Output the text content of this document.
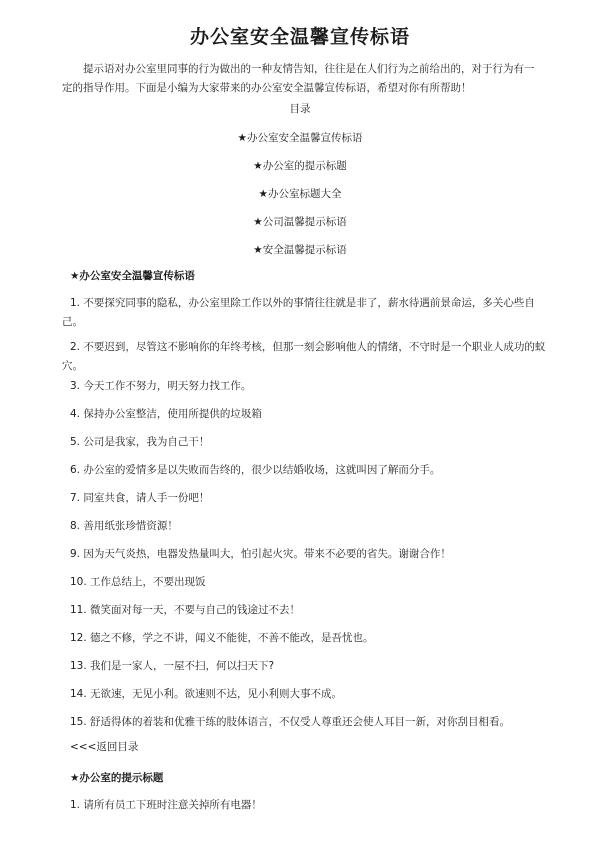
办公室安全温馨宣传标语
提示语对办公室里同事的行为做出的一种友情告知，往往是在人们行为之前给出的，对于行为有一定的指导作用。下面是小编为大家带来的办公室安全温馨宣传标语，希望对你有所帮助！
目录
★办公室安全温馨宣传标语
★办公室的提示标题
★办公室标题大全
★公司温馨提示标语
★安全温馨提示标语
★办公室安全温馨宣传标语
1. 不要探究同事的隐私，办公室里除工作以外的事情往往就是非了，薪水待遇前景命运，多关心些自己。
2. 不要迟到，尽管这不影响你的年终考核，但那一刻会影响他人的情绪，不守时是一个职业人成功的蚁穴。
3. 今天工作不努力，明天努力找工作。
4. 保持办公室整洁，使用所提供的垃圾箱
5. 公司是我家，我为自己干！
6. 办公室的爱情多是以失败而告终的，很少以结婚收场，这就叫因了解而分手。
7. 同室共食，请人手一份吧！
8. 善用纸张珍惜资源！
9. 因为天气炎热，电器发热量叫大，怕引起火灾。带来不必要的省失。谢谢合作！
10. 工作总结上，不要出现饭
11. 微笑面对每一天，不要与自己的钱途过不去！
12. 德之不修，学之不讲，闻义不能徙，不善不能改，是吾忧也。
13. 我们是一家人，一屋不扫，何以扫天下?
14. 无欲速，无见小利。欲速则不达，见小利则大事不成。
15. 舒适得体的着装和优雅干练的肢体语言，不仅受人尊重还会使人耳目一新，对你刮目相看。
<<<返回目录
★办公室的提示标题
1. 请所有员工下班时注意关掉所有电器！
